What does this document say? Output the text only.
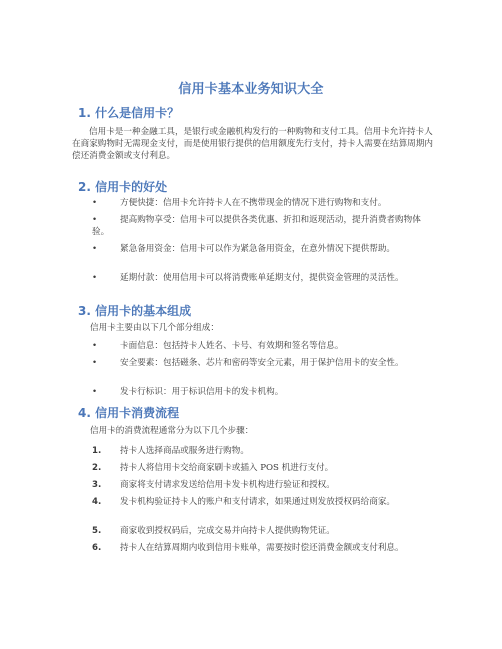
信用卡基本业务知识大全
1. 什么是信用卡？
信用卡是一种金融工具，是银行或金融机构发行的一种购物和支付工具。信用卡允许持卡人在商家购物时无需现金支付，而是使用银行提供的信用额度先行支付，持卡人需要在结算周期内偿还消费金额或支付利息。
2. 信用卡的好处
•	方便快捷：信用卡允许持卡人在不携带现金的情况下进行购物和支付。
•	提高购物享受：信用卡可以提供各类优惠、折扣和返现活动，提升消费者购物体验。
•	紧急备用资金：信用卡可以作为紧急备用资金，在意外情况下提供帮助。
•	延期付款：使用信用卡可以将消费账单延期支付，提供资金管理的灵活性。
3. 信用卡的基本组成
信用卡主要由以下几个部分组成：
•	卡面信息：包括持卡人姓名、卡号、有效期和签名等信息。
•	安全要素：包括磁条、芯片和密码等安全元素，用于保护信用卡的安全性。
•	发卡行标识：用于标识信用卡的发卡机构。
4. 信用卡消费流程
信用卡的消费流程通常分为以下几个步骤：
1.	持卡人选择商品或服务进行购物。
2.	持卡人将信用卡交给商家刷卡或插入 POS 机进行支付。
3.	商家将支付请求发送给信用卡发卡机构进行验证和授权。
4.	发卡机构验证持卡人的账户和支付请求，如果通过则发放授权码给商家。
5.	商家收到授权码后，完成交易并向持卡人提供购物凭证。
6.	持卡人在结算周期内收到信用卡账单，需要按时偿还消费金额或支付利息。
